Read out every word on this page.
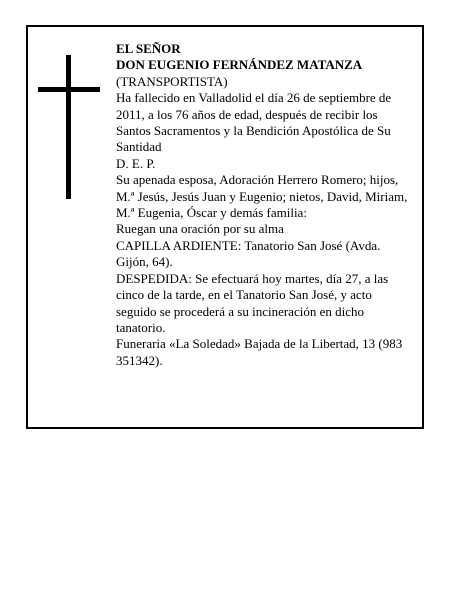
EL SEÑOR

DON EUGENIO FERNÁNDEZ MATANZA

(TRANSPORTISTA)

Ha fallecido en Valladolid el día 26 de septiembre de 2011, a los 76 años de edad, después de recibir los Santos Sacramentos y la Bendición Apostólica de Su Santidad

D. E. P.

Su apenada esposa, Adoración Herrero Romero; hijos, M.ª Jesús, Jesús Juan y Eugenio; nietos, David, Miriam, M.ª Eugenia, Óscar y demás familia:

Ruegan una oración por su alma

CAPILLA ARDIENTE: Tanatorio San José (Avda. Gijón, 64).

DESPEDIDA: Se efectuará hoy martes, día 27, a las cinco de la tarde, en el Tanatorio San José, y acto seguido se procederá a su incineración en dicho tanatorio.

Funeraria «La Soledad» Bajada de la Libertad, 13 (983 351342).
